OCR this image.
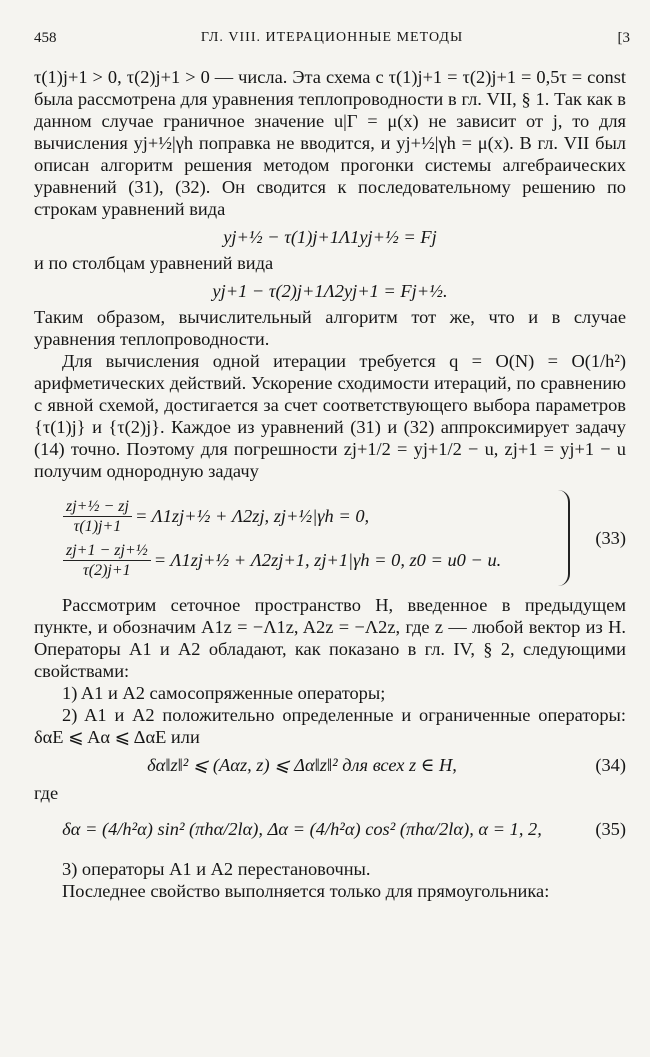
458	ГЛ. VIII. ИТЕРАЦИОННЫЕ МЕТОДЫ	[3

τ(1)j+1 > 0, τ(2)j+1 > 0 — числа. Эта схема с τ(1)j+1 = τ(2)j+1 = 0,5τ = const была рассмотрена для уравнения теплопроводности в гл. VII, § 1. Так как в данном случае граничное значение u|Γ = μ(x) не зависит от j, то для вычисления yj+½|γh поправка не вводится, и yj+½|γh = μ(x). В гл. VII был описан алгоритм решения методом прогонки системы алгебраических уравнений (31), (32). Он сводится к последовательному решению по строкам уравнений вида

yj+½ − τ(1)j+1Λ1yj+½ = Fj

и по столбцам уравнений вида

yj+1 − τ(2)j+1Λ2yj+1 = Fj+½.

Таким образом, вычислительный алгоритм тот же, что и в случае уравнения теплопроводности.

Для вычисления одной итерации требуется q = O(N) = O(1/h²) арифметических действий. Ускорение сходимости итераций, по сравнению с явной схемой, достигается за счет соответствующего выбора параметров {τ(1)j} и {τ(2)j}. Каждое из уравнений (31) и (32) аппроксимирует задачу (14) точно. Поэтому для погрешности zj+1/2 = yj+1/2 − u, zj+1 = yj+1 − u получим однородную задачу

$\frac{\text{zj+½ − zj}}{\tau(1)j+1}$ = Λ1zj+½ + Λ2zj, zj+½|γh = 0,
$\frac{\text{zj+1 − zj+½}}{\tau(2)j+1}$ = Λ1zj+½ + Λ2zj+1, zj+1|γh = 0, z0 = u0 − u.
(33)

Рассмотрим сеточное пространство H, введенное в предыдущем пункте, и обозначим A1z = −Λ1z, A2z = −Λ2z, где z — любой вектор из H. Операторы A1 и A2 обладают, как показано в гл. IV, § 2, следующими свойствами:

1) A1 и A2 самосопряженные операторы;

2) A1 и A2 положительно определенные и ограниченные операторы: δαE ⩽ Aα ⩽ ΔαE или

δα‖z‖² ⩽ (Aαz, z) ⩽ Δα‖z‖² для всех z ∈ H,	(34)

где

δα = (4/h²α) sin² (πhα/2lα), Δα = (4/h²α) cos² (πhα/2lα), α = 1, 2,	(35)

3) операторы A1 и A2 перестановочны.

Последнее свойство выполняется только для прямоугольника:
